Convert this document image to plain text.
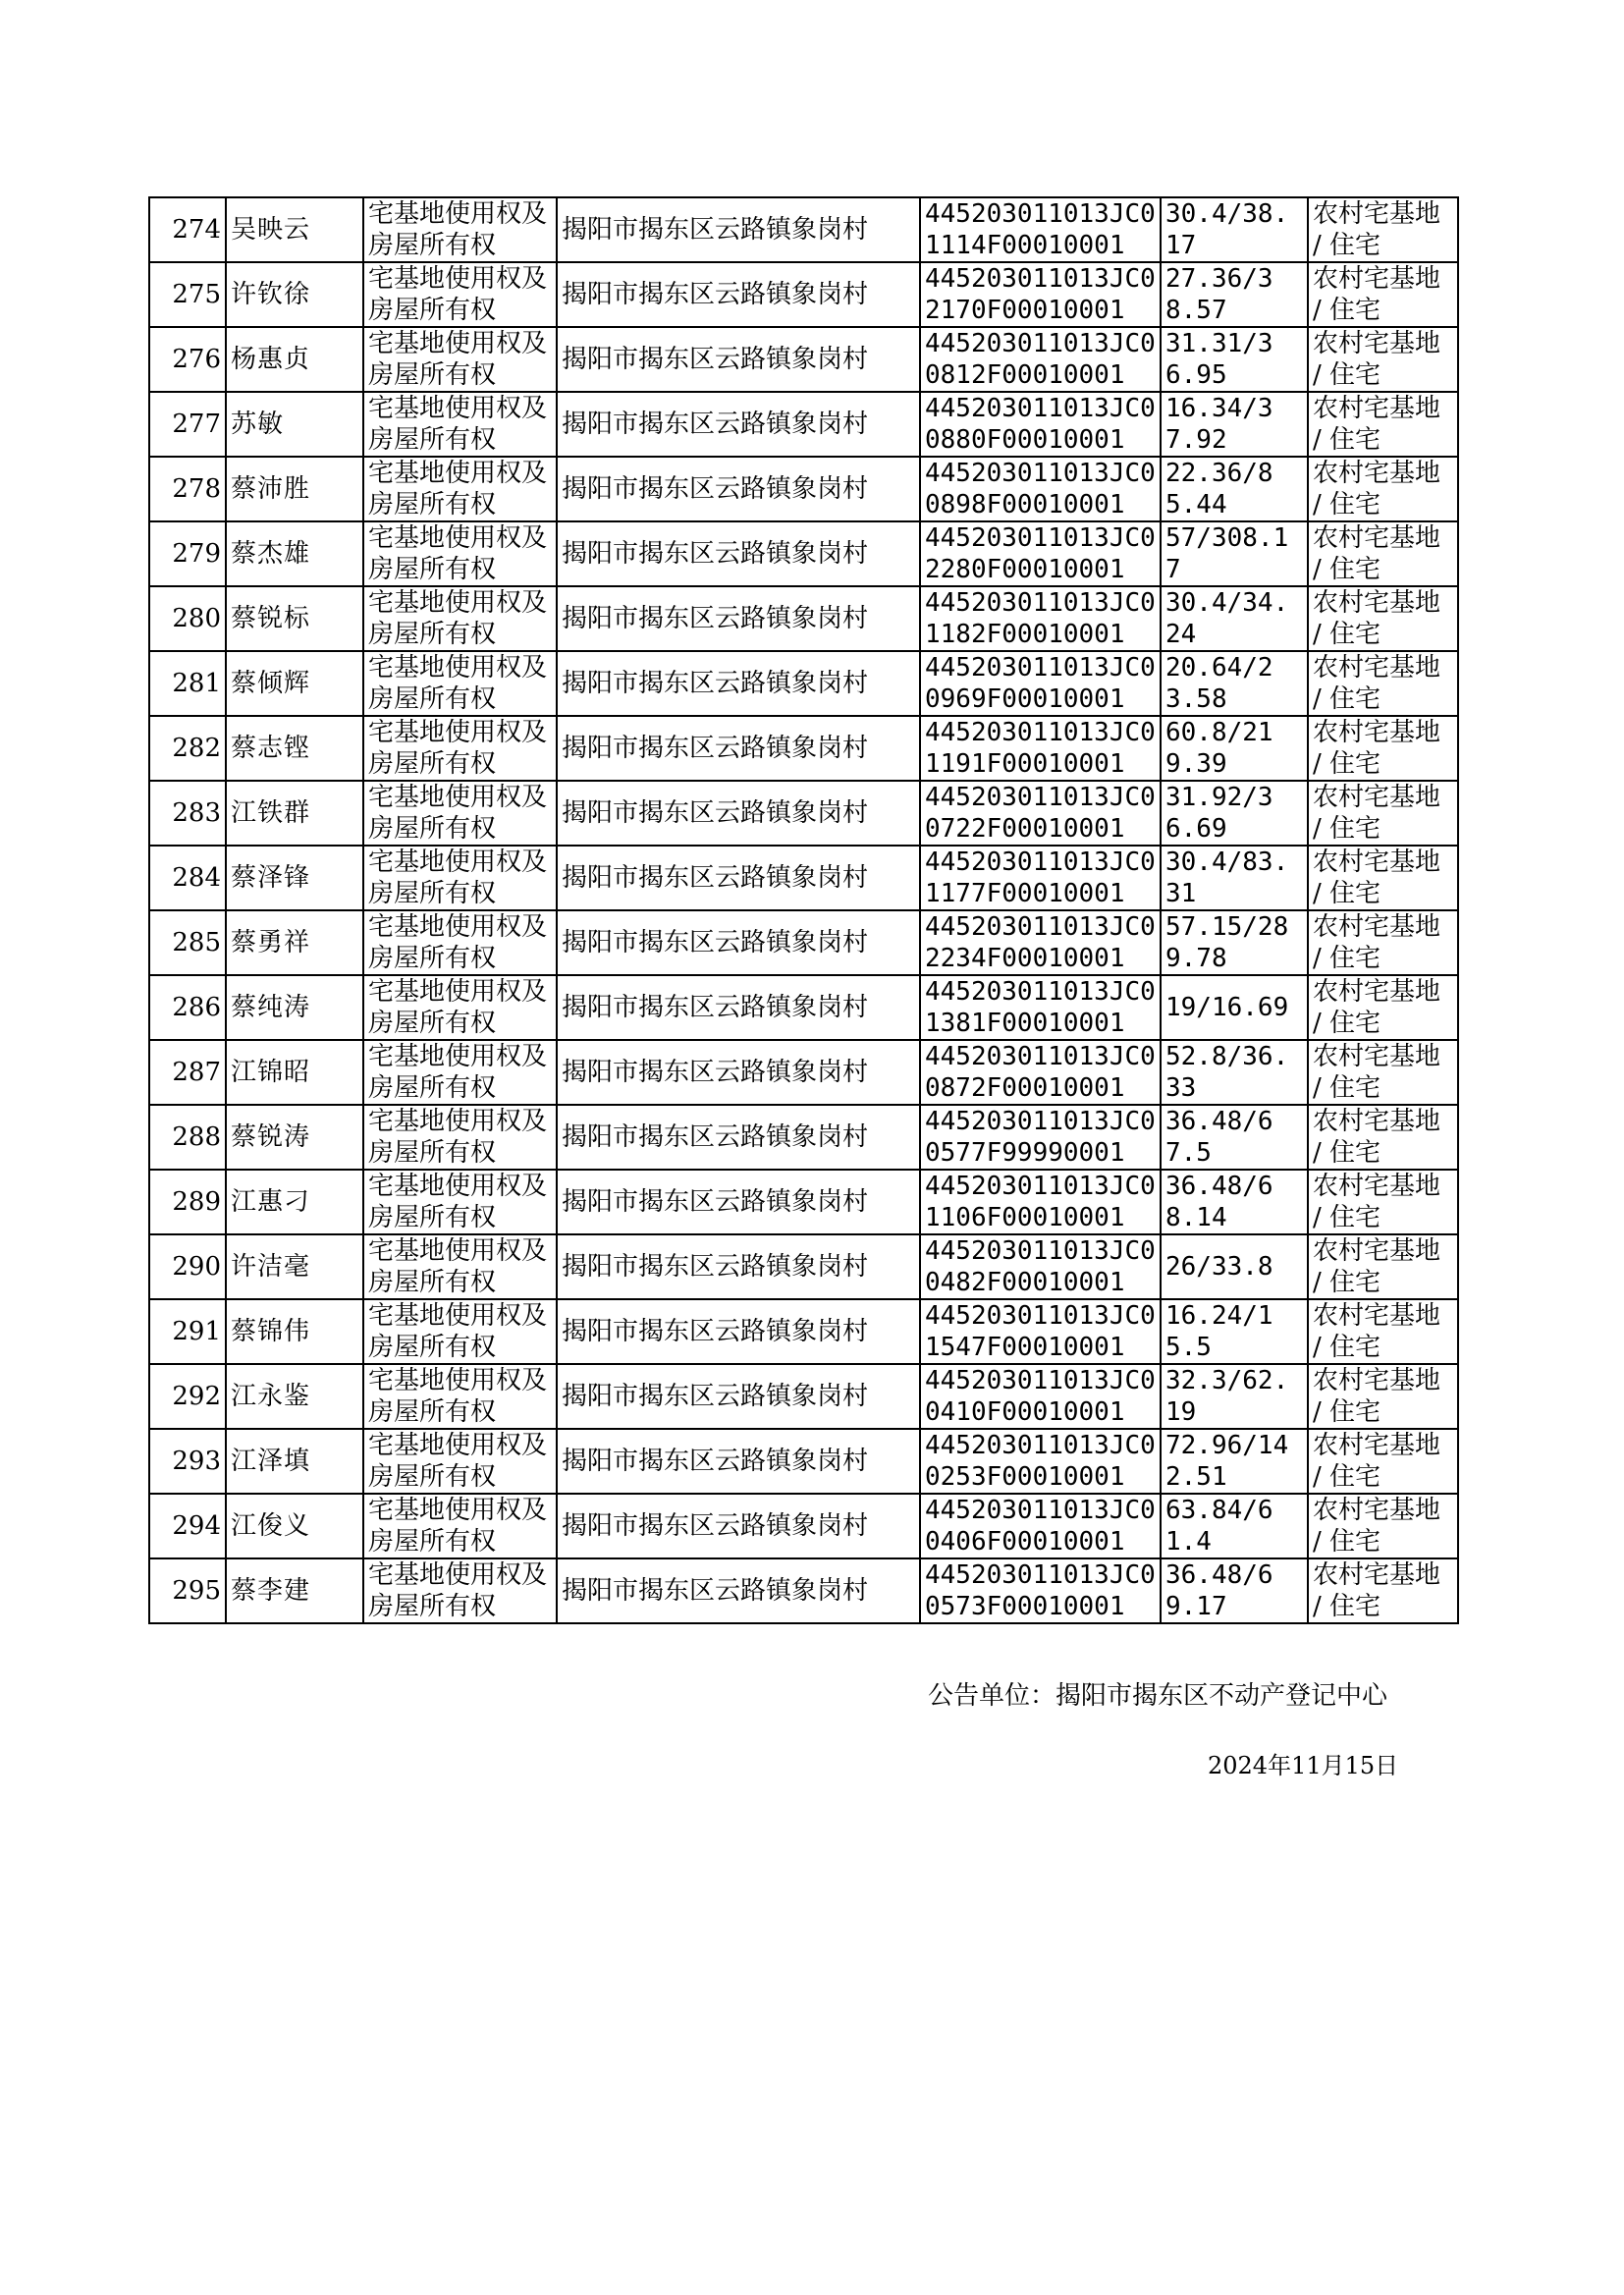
274	吴映云	宅基地使用权及房屋所有权	揭阳市揭东区云路镇象岗村	445203011013JC01114F00010001	30.4/38.17	农村宅基地 / 住宅
275	许钦徐	宅基地使用权及房屋所有权	揭阳市揭东区云路镇象岗村	445203011013JC02170F00010001	27.36/38.57	农村宅基地 / 住宅
276	杨惠贞	宅基地使用权及房屋所有权	揭阳市揭东区云路镇象岗村	445203011013JC00812F00010001	31.31/36.95	农村宅基地 / 住宅
277	苏敏	宅基地使用权及房屋所有权	揭阳市揭东区云路镇象岗村	445203011013JC00880F00010001	16.34/37.92	农村宅基地 / 住宅
278	蔡沛胜	宅基地使用权及房屋所有权	揭阳市揭东区云路镇象岗村	445203011013JC00898F00010001	22.36/85.44	农村宅基地 / 住宅
279	蔡杰雄	宅基地使用权及房屋所有权	揭阳市揭东区云路镇象岗村	445203011013JC02280F00010001	57/308.17	农村宅基地 / 住宅
280	蔡锐标	宅基地使用权及房屋所有权	揭阳市揭东区云路镇象岗村	445203011013JC01182F00010001	30.4/34.24	农村宅基地 / 住宅
281	蔡倾辉	宅基地使用权及房屋所有权	揭阳市揭东区云路镇象岗村	445203011013JC00969F00010001	20.64/23.58	农村宅基地 / 住宅
282	蔡志铿	宅基地使用权及房屋所有权	揭阳市揭东区云路镇象岗村	445203011013JC01191F00010001	60.8/219.39	农村宅基地 / 住宅
283	江铁群	宅基地使用权及房屋所有权	揭阳市揭东区云路镇象岗村	445203011013JC00722F00010001	31.92/36.69	农村宅基地 / 住宅
284	蔡泽锋	宅基地使用权及房屋所有权	揭阳市揭东区云路镇象岗村	445203011013JC01177F00010001	30.4/83.31	农村宅基地 / 住宅
285	蔡勇祥	宅基地使用权及房屋所有权	揭阳市揭东区云路镇象岗村	445203011013JC02234F00010001	57.15/289.78	农村宅基地 / 住宅
286	蔡纯涛	宅基地使用权及房屋所有权	揭阳市揭东区云路镇象岗村	445203011013JC01381F00010001	19/16.69	农村宅基地 / 住宅
287	江锦昭	宅基地使用权及房屋所有权	揭阳市揭东区云路镇象岗村	445203011013JC00872F00010001	52.8/36.33	农村宅基地 / 住宅
288	蔡锐涛	宅基地使用权及房屋所有权	揭阳市揭东区云路镇象岗村	445203011013JC00577F99990001	36.48/67.5	农村宅基地 / 住宅
289	江惠刁	宅基地使用权及房屋所有权	揭阳市揭东区云路镇象岗村	445203011013JC01106F00010001	36.48/68.14	农村宅基地 / 住宅
290	许洁毫	宅基地使用权及房屋所有权	揭阳市揭东区云路镇象岗村	445203011013JC00482F00010001	26/33.8	农村宅基地 / 住宅
291	蔡锦伟	宅基地使用权及房屋所有权	揭阳市揭东区云路镇象岗村	445203011013JC01547F00010001	16.24/15.5	农村宅基地 / 住宅
292	江永鉴	宅基地使用权及房屋所有权	揭阳市揭东区云路镇象岗村	445203011013JC00410F00010001	32.3/62.19	农村宅基地 / 住宅
293	江泽填	宅基地使用权及房屋所有权	揭阳市揭东区云路镇象岗村	445203011013JC00253F00010001	72.96/142.51	农村宅基地 / 住宅
294	江俊义	宅基地使用权及房屋所有权	揭阳市揭东区云路镇象岗村	445203011013JC00406F00010001	63.84/61.4	农村宅基地 / 住宅
295	蔡李建	宅基地使用权及房屋所有权	揭阳市揭东区云路镇象岗村	445203011013JC00573F00010001	36.48/69.17	农村宅基地 / 住宅
公告单位：揭阳市揭东区不动产登记中心
2024年11月15日
